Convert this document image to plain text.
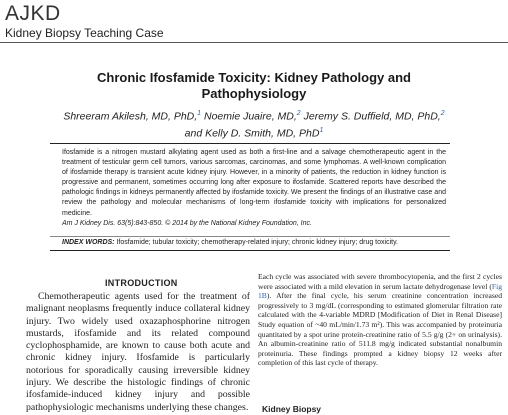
AJKD
Kidney Biopsy Teaching Case
Chronic Ifosfamide Toxicity: Kidney Pathology and Pathophysiology
Shreeram Akilesh, MD, PhD,$^1$ Noemie Juaire, MD,$^2$ Jeremy S. Duffield, MD, PhD,$^2$
and Kelly D. Smith, MD, PhD$^1$
Ifosfamide is a nitrogen mustard alkylating agent used as both a first-line and a salvage chemotherapeutic agent in the treatment of testicular germ cell tumors, various sarcomas, carcinomas, and some lymphomas. A well-known complication of ifosfamide therapy is transient acute kidney injury. However, in a minority of patients, the reduction in kidney function is progressive and permanent, sometimes occurring long after exposure to ifosfamide. Scattered reports have described the pathologic findings in kidneys permanently affected by ifosfamide toxicity. We present the findings of an illustrative case and review the pathology and molecular mechanisms of long-term ifosfamide toxicity with implications for personalized medicine.
Am J Kidney Dis. 63(5):843-850. © 2014 by the National Kidney Foundation, Inc.
INDEX WORDS: Ifosfamide; tubular toxicity; chemotherapy-related injury; chronic kidney injury; drug toxicity.
INTRODUCTION
Chemotherapeutic agents used for the treatment of malignant neoplasms frequently induce collateral kidney injury. Two widely used oxazaphosphorine nitrogen mustards, ifosfamide and its related compound cyclophosphamide, are known to cause both acute and chronic kidney injury. Ifosfamide is particularly notorious for sporadically causing irreversible kidney injury. We describe the histologic findings of chronic ifosfamide-induced kidney injury and possible pathophysiologic mechanisms underlying these changes.
Each cycle was associated with severe thrombocytopenia, and the first 2 cycles were associated with a mild elevation in serum lactate dehydrogenase level (Fig 1B). After the final cycle, his serum creatinine concentration increased progressively to 3 mg/dL (corresponding to estimated glomerular filtration rate calculated with the 4-variable MDRD [Modification of Diet in Renal Disease] Study equation of ~40 mL/min/1.73 m²). This was accompanied by proteinuria quantitated by a spot urine protein-creatinine ratio of 5.5 g/g (2+ on urinalysis). An albumin-creatinine ratio of 511.8 mg/g indicated substantial nonalbumin proteinuria. These findings prompted a kidney biopsy 12 weeks after completion of this last cycle of therapy.
Kidney Biopsy
